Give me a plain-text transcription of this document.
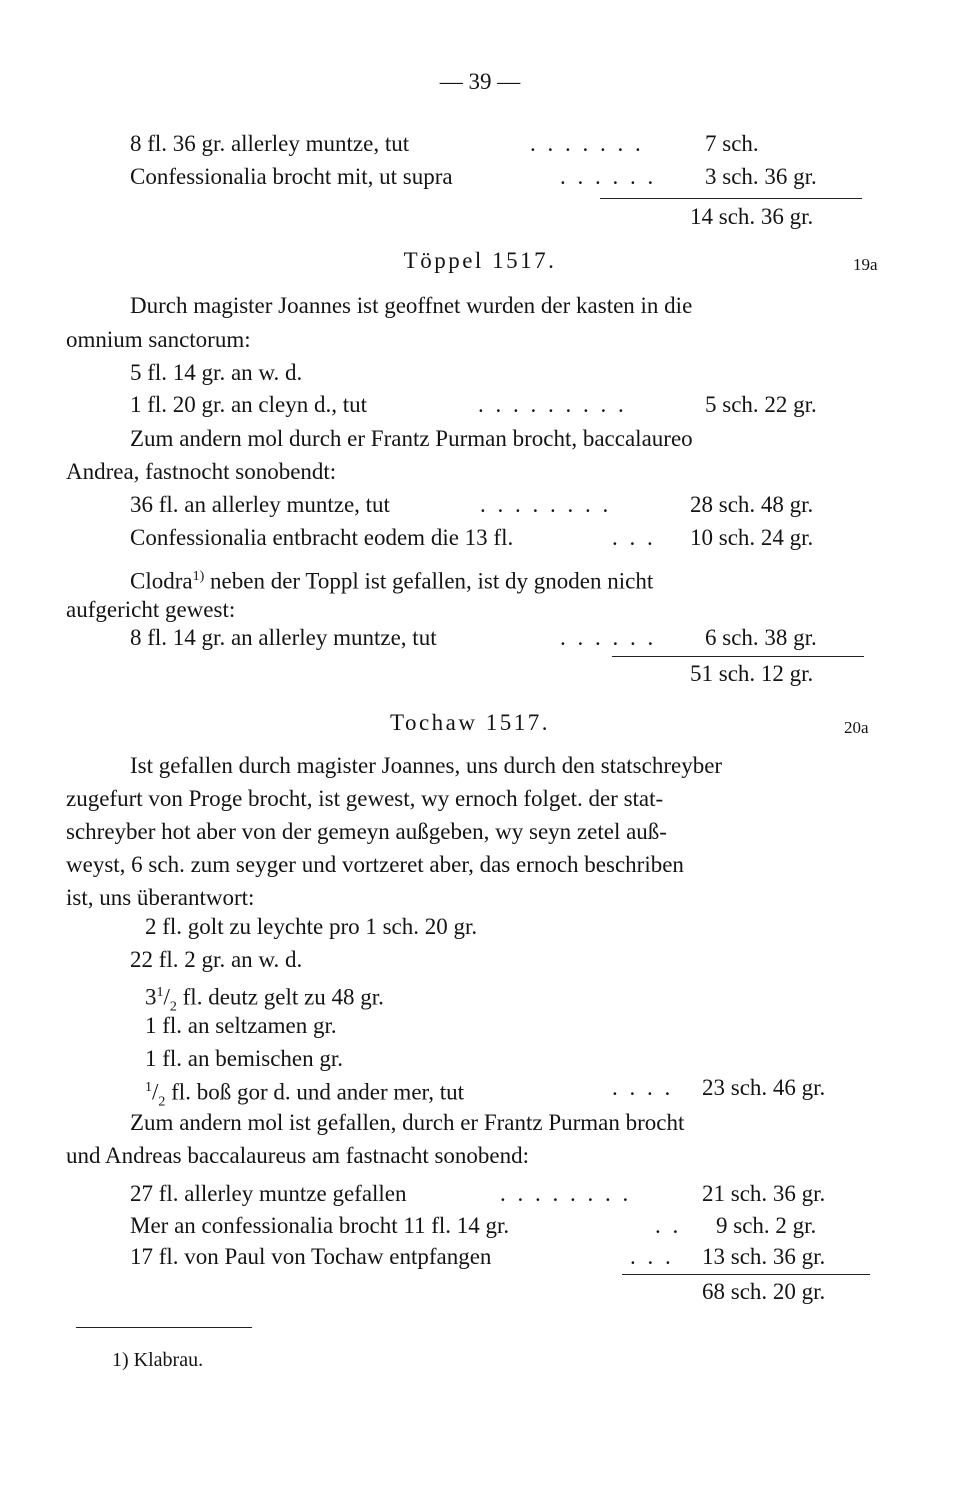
— 39 —
8 fl. 36 gr. allerley muntze, tut	. . . . . . .	7 sch.
Confessionalia brocht mit, ut supra	. . . . . . 3 sch. 36 gr.
14 sch. 36 gr.
Töppel 1517.	19a
Durch magister Joannes ist geoffnet wurden der kasten in die
omnium sanctorum:
5 fl. 14 gr. an w. d.
1 fl. 20 gr. an cleyn d., tut	. . . . . . . . .	5 sch. 22 gr.
Zum andern mol durch er Frantz Purman brocht, baccalaureo
Andrea, fastnocht sonobendt:
36 fl. an allerley muntze, tut	. . . . . . . .	28 sch. 48 gr.
Confessionalia entbracht eodem die 13 fl.	. . . 10 sch. 24 gr.
Clodra$^{1)}$ neben der Toppl ist gefallen, ist dy gnoden nicht
aufgericht gewest:
8 fl. 14 gr. an allerley muntze, tut	. . . . . . 6 sch. 38 gr.
51 sch. 12 gr.
Tochaw 1517.	20a
Ist gefallen durch magister Joannes, uns durch den statschreyber
zugefurt von Proge brocht, ist gewest, wy ernoch folget. der stat-
schreyber hot aber von der gemeyn außgeben, wy seyn zetel auß-
weyst, 6 sch. zum seyger und vortzeret aber, das ernoch beschriben
ist, uns überantwort:
2 fl. golt zu leychte pro 1 sch. 20 gr.
22 fl. 2 gr. an w. d.
$3^1/_2$ fl. deutz gelt zu 48 gr.
1 fl. an seltzamen gr.
1 fl. an bemischen gr.
$^1/_2$ fl. boß gor d. und ander mer, tut	. . . . 23 sch. 46 gr.
Zum andern mol ist gefallen, durch er Frantz Purman brocht
und Andreas baccalaureus am fastnacht sonobend:
27 fl. allerley muntze gefallen	. . . . . . . .	21 sch. 36 gr.
Mer an confessionalia brocht 11 fl. 14 gr.	. . 9 sch. 2 gr.
17 fl. von Paul von Tochaw entpfangen	. . . 13 sch. 36 gr.
68 sch. 20 gr.
1) Klabrau.
